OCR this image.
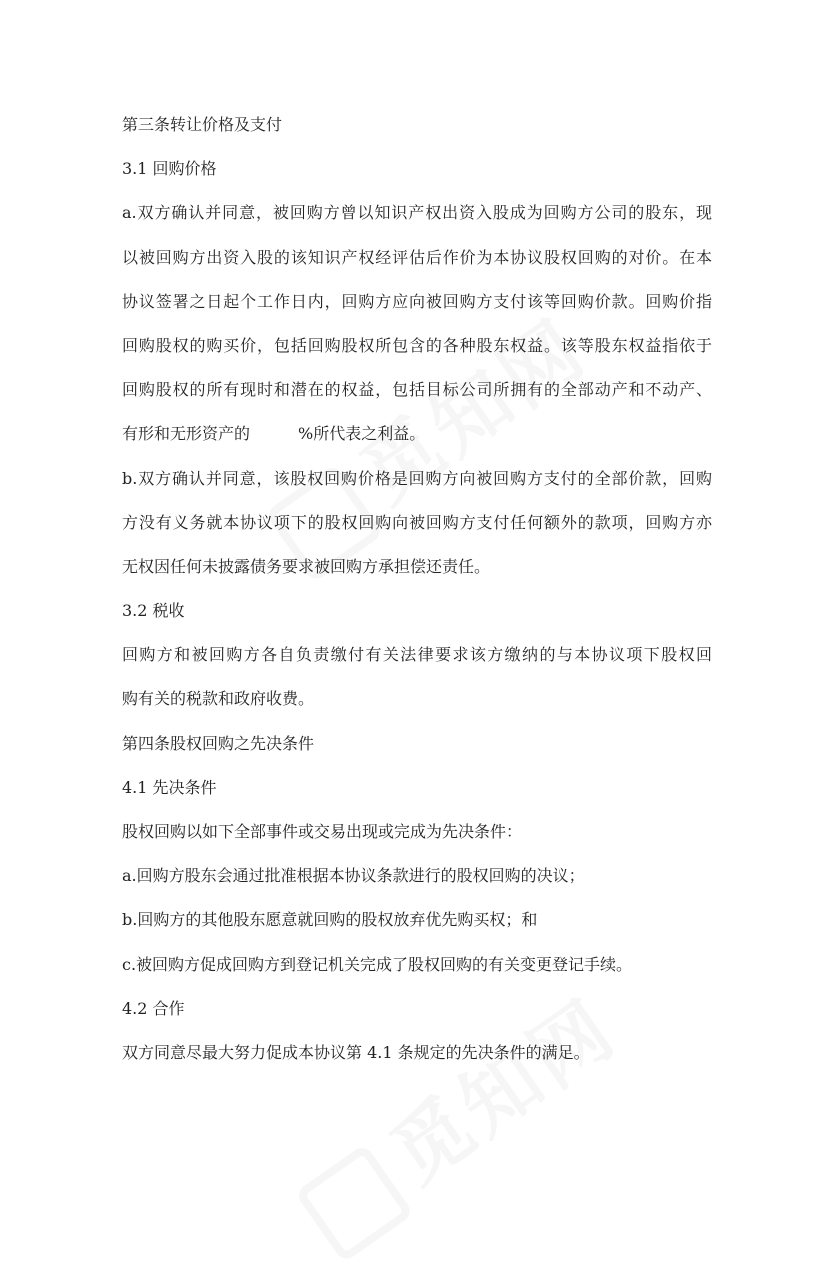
第三条转让价格及支付
3.1 回购价格
a.双方确认并同意，被回购方曾以知识产权出资入股成为回购方公司的股东，现
以被回购方出资入股的该知识产权经评估后作价为本协议股权回购的对价。在本
协议签署之日起个工作日内，回购方应向被回购方支付该等回购价款。回购价指
回购股权的购买价，包括回购股权所包含的各种股东权益。该等股东权益指依于
回购股权的所有现时和潜在的权益，包括目标公司所拥有的全部动产和不动产、
有形和无形资产的	%所代表之利益。
b.双方确认并同意，该股权回购价格是回购方向被回购方支付的全部价款，回购
方没有义务就本协议项下的股权回购向被回购方支付任何额外的款项，回购方亦
无权因任何未披露债务要求被回购方承担偿还责任。
3.2 税收
回购方和被回购方各自负责缴付有关法律要求该方缴纳的与本协议项下股权回
购有关的税款和政府收费。
第四条股权回购之先决条件
4.1 先决条件
股权回购以如下全部事件或交易出现或完成为先决条件：
a.回购方股东会通过批准根据本协议条款进行的股权回购的决议；
b.回购方的其他股东愿意就回购的股权放弃优先购买权；和
c.被回购方促成回购方到登记机关完成了股权回购的有关变更登记手续。
4.2 合作
双方同意尽最大努力促成本协议第 4.1 条规定的先决条件的满足。
